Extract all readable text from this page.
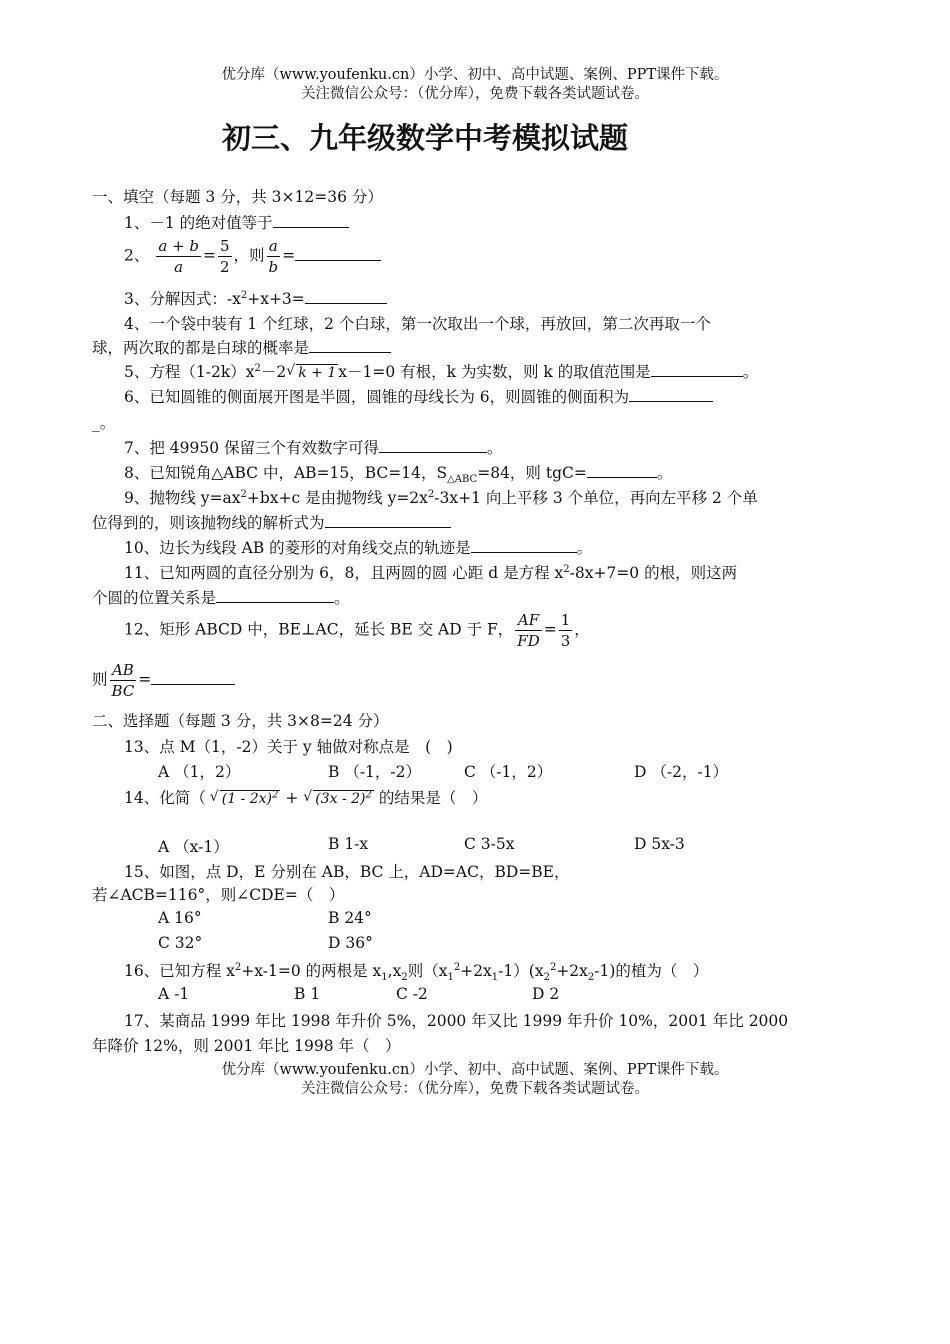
优分库（www.youfenku.cn）小学、初中、高中试题、案例、PPT课件下载。
关注微信公众号：（优分库），免费下载各类试题试卷。
初三、九年级数学中考模拟试题
一、填空（每题 3 分，共 3×12=36 分）
1、－1 的绝对值等于
2、 $\frac{a + b}{a} = \frac{5}{2}$ ，则 $\frac{a}{b}$ =
3、分解因式：$-x^2+x+3=$
4、一个袋中装有 1 个红球，2 个白球，第一次取出一个球，再放回，第二次再取一个
球，两次取的都是白球的概率是
5、方程$(1-2k)x^2-2√$ k + 1 x－1=0 有根，k 为实数，则 k 的取值范围是	。
6、已知圆锥的侧面展开图是半圆，圆锥的母线长为 6，则圆锥的侧面积为
_。
7、把 49950 保留三个有效数字可得	。
8、已知锐角△ABC 中，AB=15，BC=14，$S_{\triangle ABC}=84$，则 tgC=	。
9、抛物线 $y=ax^2+bx+c$ 是由抛物线 $y=2x^2-3x+1$ 向上平移 3 个单位，再向左平移 2 个单
位得到的，则该抛物线的解析式为
10、边长为线段 AB 的菱形的对角线交点的轨迹是	。
11、已知两圆的直径分别为 6，8，且两圆的圆 心距 d 是方程 $x^2-8x+7=0$ 的根，则这两
个圆的位置关系是	。
12、矩形 ABCD 中，BE⊥AC，延长 BE 交 AD 于 F， $\frac{AF}{FD} = \frac{1}{3}$ ，
则 $\frac{AB}{BC}$ =
二、选择题（每题 3 分，共 3×8=24 分）
13、点 M（1，-2）关于 y 轴做对称点是　(　)
A （1，2）	B （-1，-2）	C （-1，2）	D （-2，-1）
14、化简（√ (1 - 2x)$^2$ + √ (3x - 2)$^2$ 的结果是（　）
A （x-1）	B 1-x	C 3-5x	D 5x-3
15、如图，点 D，E 分别在 AB，BC 上，AD=AC，BD=BE，
若∠ACB=116°，则∠CDE=（　）
A 16°	B 24°
C 32°	D 36°
16、已知方程 $x^2+x-1=0$ 的两根是 $x_1,x_2$则$(x_1^2+2x_1-1)(x_2^2+2x_2-1)$的植为（　）
A -1	B 1	C -2	D 2
17、某商品 1999 年比 1998 年升价 5%，2000 年又比 1999 年升价 10%，2001 年比 2000
年降价 12%，则 2001 年比 1998 年（　）
优分库（www.youfenku.cn）小学、初中、高中试题、案例、PPT课件下载。
关注微信公众号：（优分库），免费下载各类试题试卷。
